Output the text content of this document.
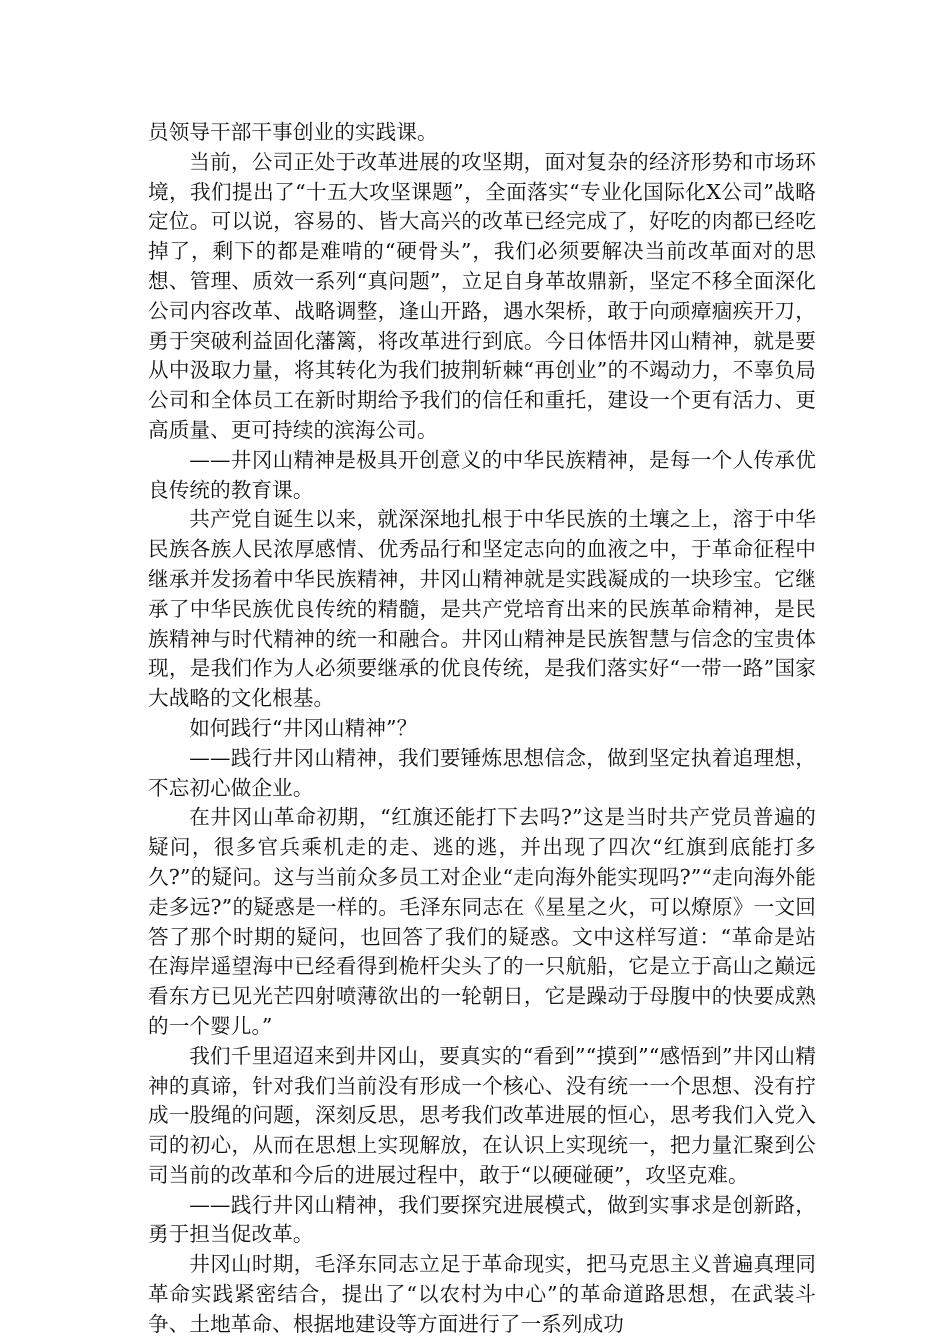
员领导干部干事创业的实践课。

当前，公司正处于改革进展的攻坚期，面对复杂的经济形势和市场环境，我们提出了“十五大攻坚课题”，全面落实“专业化国际化X公司”战略定位。可以说，容易的、皆大高兴的改革已经完成了，好吃的肉都已经吃掉了，剩下的都是难啃的“硬骨头”，我们必须要解决当前改革面对的思想、管理、质效一系列“真问题”，立足自身革故鼎新，坚定不移全面深化公司内容改革、战略调整，逢山开路，遇水架桥，敢于向顽瘴痼疾开刀，勇于突破利益固化藩篱，将改革进行到底。今日体悟井冈山精神，就是要从中汲取力量，将其转化为我们披荆斩棘“再创业”的不竭动力，不辜负局公司和全体员工在新时期给予我们的信任和重托，建设一个更有活力、更高质量、更可持续的滨海公司。

——井冈山精神是极具开创意义的中华民族精神，是每一个人传承优良传统的教育课。

共产党自诞生以来，就深深地扎根于中华民族的土壤之上，溶于中华民族各族人民浓厚感情、优秀品行和坚定志向的血液之中，于革命征程中继承并发扬着中华民族精神，井冈山精神就是实践凝成的一块珍宝。它继承了中华民族优良传统的精髓，是共产党培育出来的民族革命精神，是民族精神与时代精神的统一和融合。井冈山精神是民族智慧与信念的宝贵体现，是我们作为人必须要继承的优良传统，是我们落实好“一带一路”国家大战略的文化根基。

如何践行“井冈山精神”？

——践行井冈山精神，我们要锤炼思想信念，做到坚定执着追理想，不忘初心做企业。

在井冈山革命初期，“红旗还能打下去吗?”这是当时共产党员普遍的疑问，很多官兵乘机走的走、逃的逃，并出现了四次“红旗到底能打多久?”的疑问。这与当前众多员工对企业“走向海外能实现吗?”“走向海外能走多远?”的疑惑是一样的。毛泽东同志在《星星之火，可以燎原》一文回答了那个时期的疑问，也回答了我们的疑惑。文中这样写道：“革命是站在海岸遥望海中已经看得到桅杆尖头了的一只航船，它是立于高山之巅远看东方已见光芒四射喷薄欲出的一轮朝日，它是躁动于母腹中的快要成熟的一个婴儿。”

我们千里迢迢来到井冈山，要真实的“看到”“摸到”“感悟到”井冈山精神的真谛，针对我们当前没有形成一个核心、没有统一一个思想、没有拧成一股绳的问题，深刻反思，思考我们改革进展的恒心，思考我们入党入司的初心，从而在思想上实现解放，在认识上实现统一，把力量汇聚到公司当前的改革和今后的进展过程中，敢于“以硬碰硬”，攻坚克难。

——践行井冈山精神，我们要探究进展模式，做到实事求是创新路，勇于担当促改革。

井冈山时期，毛泽东同志立足于革命现实，把马克思主义普遍真理同革命实践紧密结合，提出了“以农村为中心”的革命道路思想，在武装斗争、土地革命、根据地建设等方面进行了一系列成功
